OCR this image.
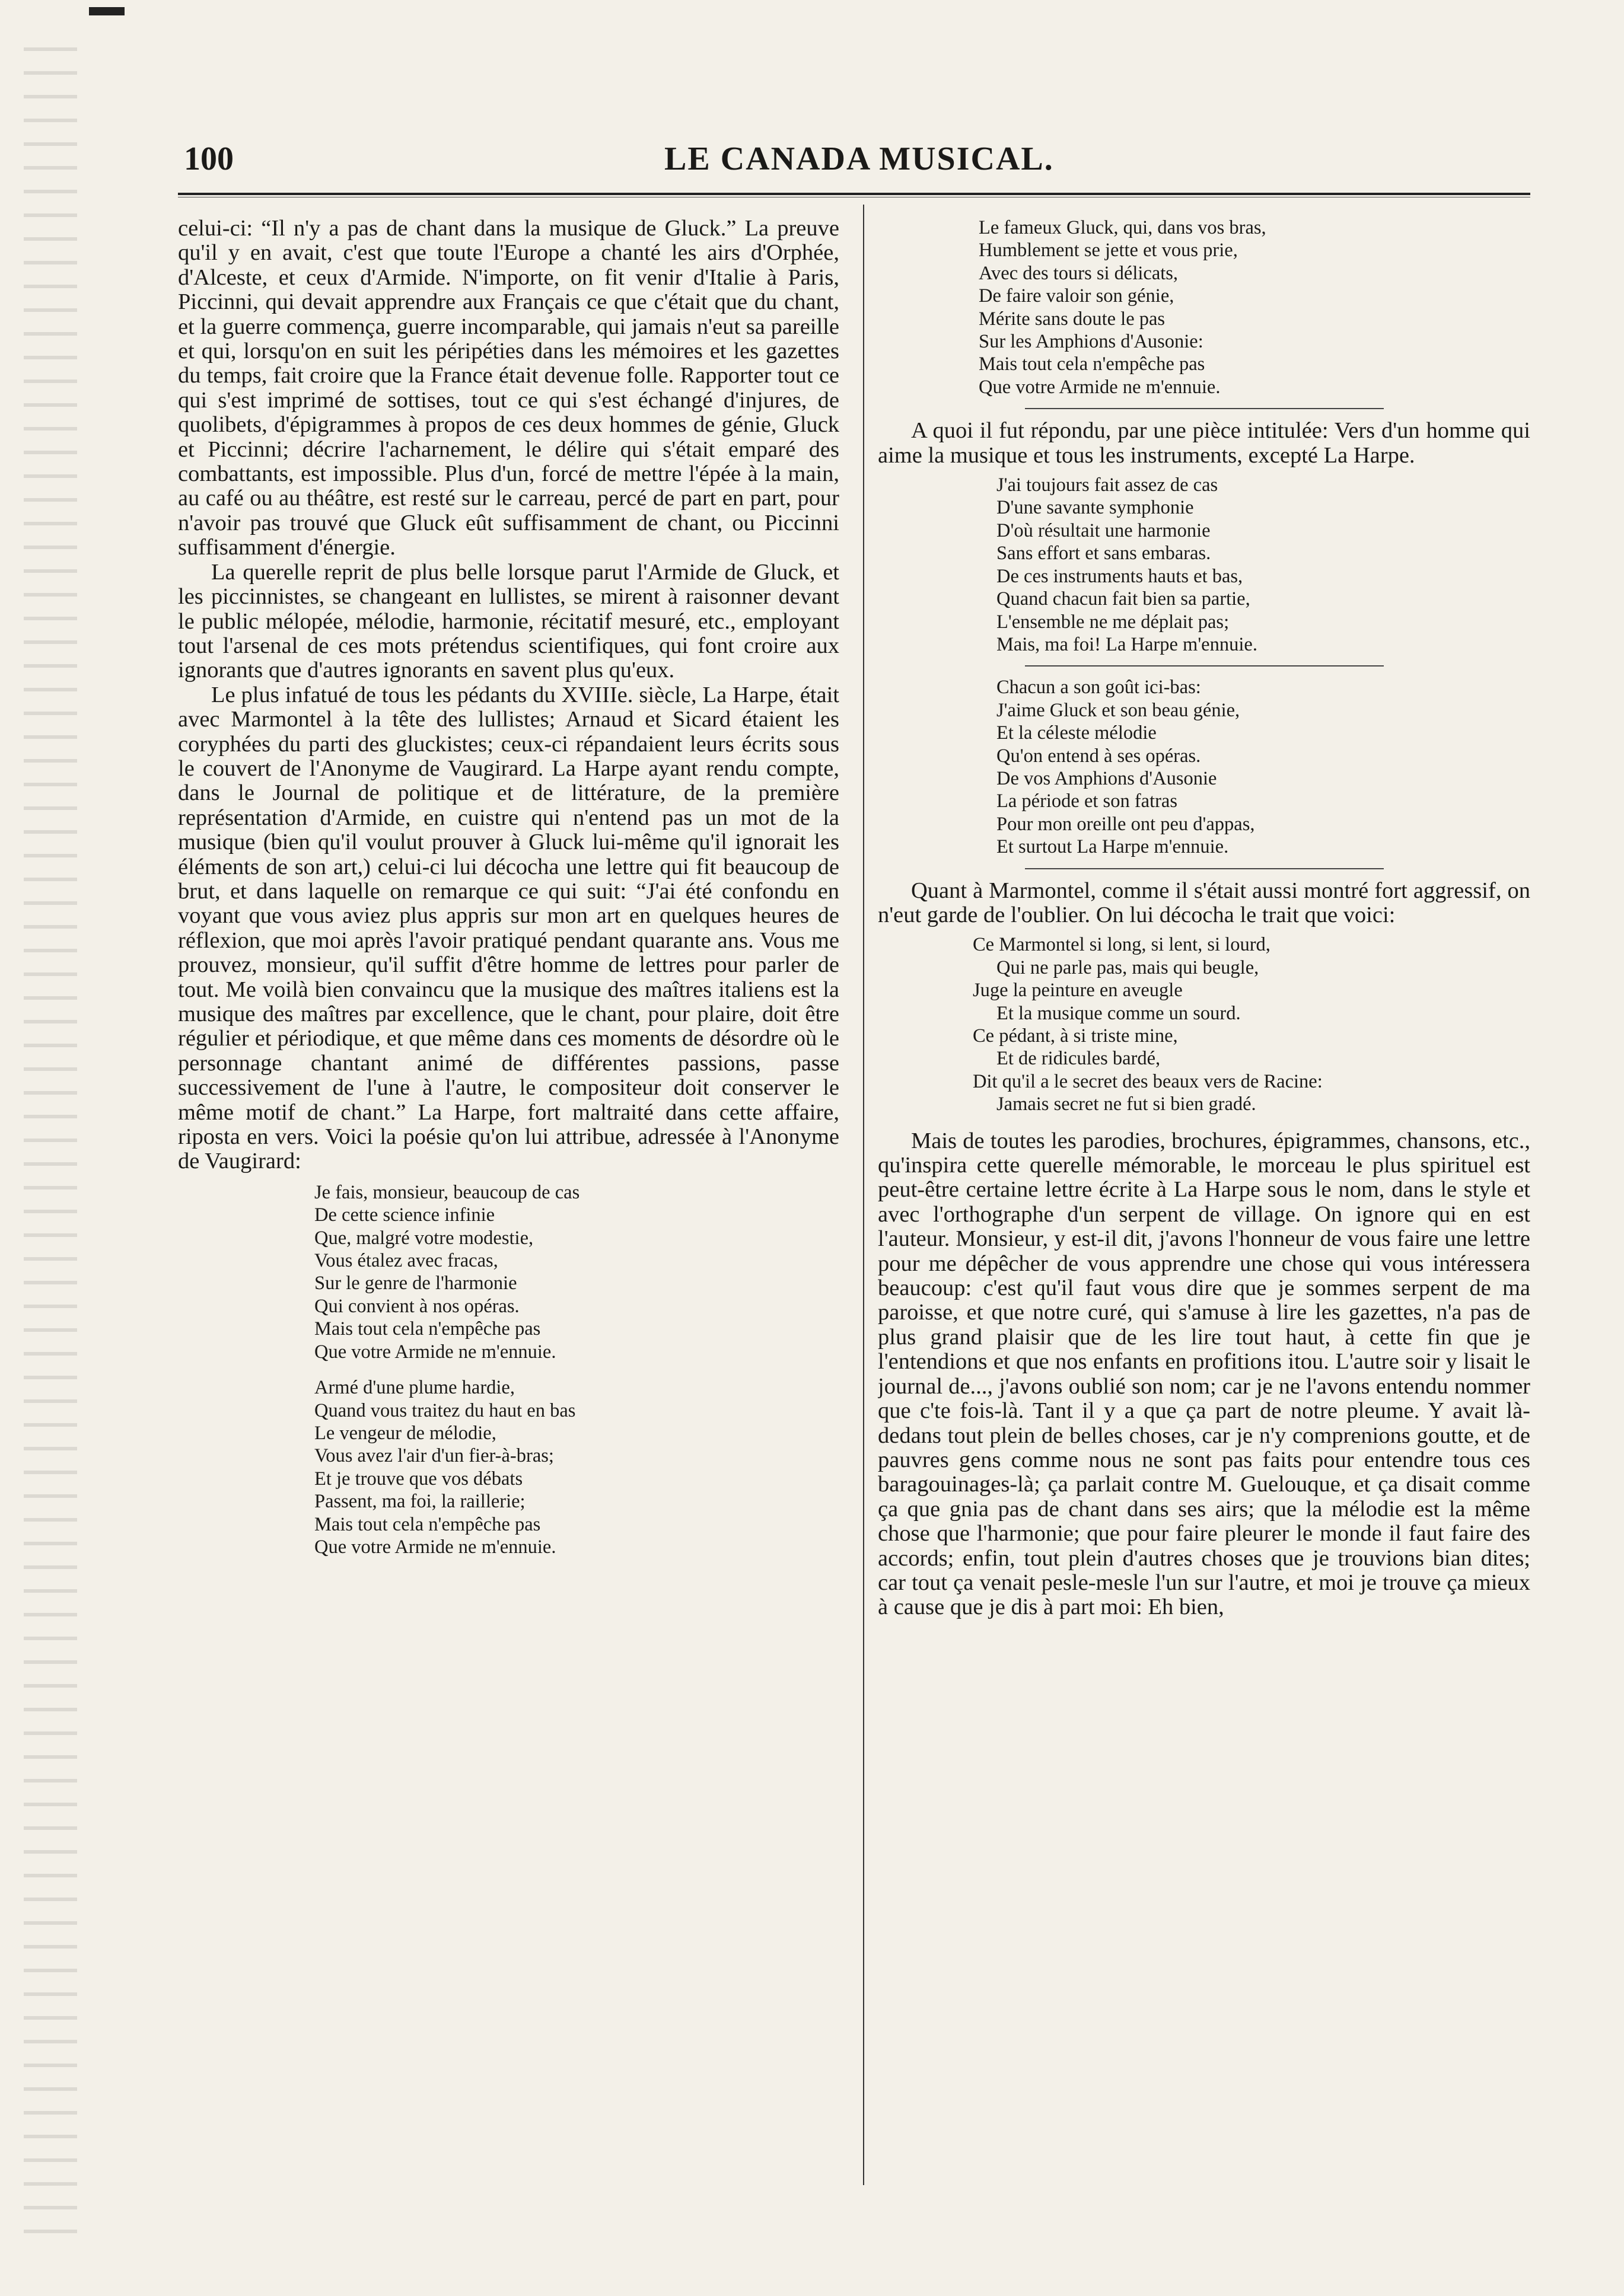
100	LE CANADA MUSICAL.

celui-ci: “Il n'y a pas de chant dans la musique de Gluck.” La preuve qu'il y en avait, c'est que toute l'Europe a chanté les airs d'Orphée, d'Alceste, et ceux d'Armide. N'importe, on fit venir d'Italie à Paris, Piccinni, qui devait apprendre aux Français ce que c'était que du chant, et la guerre commença, guerre incomparable, qui jamais n'eut sa pareille et qui, lorsqu'on en suit les péripéties dans les mémoires et les gazettes du temps, fait croire que la France était devenue folle. Rapporter tout ce qui s'est imprimé de sottises, tout ce qui s'est échangé d'injures, de quolibets, d'épigrammes à propos de ces deux hommes de génie, Gluck et Piccinni; décrire l'acharnement, le délire qui s'était emparé des combattants, est impossible. Plus d'un, forcé de mettre l'épée à la main, au café ou au théâtre, est resté sur le carreau, percé de part en part, pour n'avoir pas trouvé que Gluck eût suffisamment de chant, ou Piccinni suffisamment d'énergie.

La querelle reprit de plus belle lorsque parut l'Armide de Gluck, et les piccinnistes, se changeant en lullistes, se mirent à raisonner devant le public mélopée, mélodie, harmonie, récitatif mesuré, etc., employant tout l'arsenal de ces mots prétendus scientifiques, qui font croire aux ignorants que d'autres ignorants en savent plus qu'eux.

Le plus infatué de tous les pédants du XVIIIe. siècle, La Harpe, était avec Marmontel à la tête des lullistes; Arnaud et Sicard étaient les coryphées du parti des gluckistes; ceux-ci répandaient leurs écrits sous le couvert de l'Anonyme de Vaugirard. La Harpe ayant rendu compte, dans le Journal de politique et de littérature, de la première représentation d'Armide, en cuistre qui n'entend pas un mot de la musique (bien qu'il voulut prouver à Gluck lui-même qu'il ignorait les éléments de son art,) celui-ci lui décocha une lettre qui fit beaucoup de brut, et dans laquelle on remarque ce qui suit: “J'ai été confondu en voyant que vous aviez plus appris sur mon art en quelques heures de réflexion, que moi après l'avoir pratiqué pendant quarante ans. Vous me prouvez, monsieur, qu'il suffit d'être homme de lettres pour parler de tout. Me voilà bien convaincu que la musique des maîtres italiens est la musique des maîtres par excellence, que le chant, pour plaire, doit être régulier et périodique, et que même dans ces moments de désordre où le personnage chantant animé de différentes passions, passe successivement de l'une à l'autre, le compositeur doit conserver le même motif de chant.” La Harpe, fort maltraité dans cette affaire, riposta en vers. Voici la poésie qu'on lui attribue, adressée à l'Anonyme de Vaugirard:

Je fais, monsieur, beaucoup de cas
De cette science infinie
Que, malgré votre modestie,
Vous étalez avec fracas,
Sur le genre de l'harmonie
Qui convient à nos opéras.
Mais tout cela n'empêche pas
Que votre Armide ne m'ennuie.
Armé d'une plume hardie,
Quand vous traitez du haut en bas
Le vengeur de mélodie,
Vous avez l'air d'un fier-à-bras;
Et je trouve que vos débats
Passent, ma foi, la raillerie;
Mais tout cela n'empêche pas
Que votre Armide ne m'ennuie.
Le fameux Gluck, qui, dans vos bras,
Humblement se jette et vous prie,
Avec des tours si délicats,
De faire valoir son génie,
Mérite sans doute le pas
Sur les Amphions d'Ausonie:
Mais tout cela n'empêche pas
Que votre Armide ne m'ennuie.

A quoi il fut répondu, par une pièce intitulée: Vers d'un homme qui aime la musique et tous les instruments, excepté La Harpe.

J'ai toujours fait assez de cas
D'une savante symphonie
D'où résultait une harmonie
Sans effort et sans embaras.
De ces instruments hauts et bas,
Quand chacun fait bien sa partie,
L'ensemble ne me déplait pas;
Mais, ma foi! La Harpe m'ennuie.
Chacun a son goût ici-bas:
J'aime Gluck et son beau génie,
Et la céleste mélodie
Qu'on entend à ses opéras.
De vos Amphions d'Ausonie
La période et son fatras
Pour mon oreille ont peu d'appas,
Et surtout La Harpe m'ennuie.

Quant à Marmontel, comme il s'était aussi montré fort aggressif, on n'eut garde de l'oublier. On lui décocha le trait que voici:

Ce Marmontel si long, si lent, si lourd,
Qui ne parle pas, mais qui beugle,
Juge la peinture en aveugle
Et la musique comme un sourd.
Ce pédant, à si triste mine,
Et de ridicules bardé,
Dit qu'il a le secret des beaux vers de Racine:
Jamais secret ne fut si bien gradé.

Mais de toutes les parodies, brochures, épigrammes, chansons, etc., qu'inspira cette querelle mémorable, le morceau le plus spirituel est peut-être certaine lettre écrite à La Harpe sous le nom, dans le style et avec l'orthographe d'un serpent de village. On ignore qui en est l'auteur. Monsieur, y est-il dit, j'avons l'honneur de vous faire une lettre pour me dépêcher de vous apprendre une chose qui vous intéressera beaucoup: c'est qu'il faut vous dire que je sommes serpent de ma paroisse, et que notre curé, qui s'amuse à lire les gazettes, n'a pas de plus grand plaisir que de les lire tout haut, à cette fin que je l'entendions et que nos enfants en profitions itou. L'autre soir y lisait le journal de..., j'avons oublié son nom; car je ne l'avons entendu nommer que c'te fois-là. Tant il y a que ça part de notre pleume. Y avait là-dedans tout plein de belles choses, car je n'y comprenions goutte, et de pauvres gens comme nous ne sont pas faits pour entendre tous ces baragouinages-là; ça parlait contre M. Guelouque, et ça disait comme ça que gnia pas de chant dans ses airs; que la mélodie est la même chose que l'harmonie; que pour faire pleurer le monde il faut faire des accords; enfin, tout plein d'autres choses que je trouvions bian dites; car tout ça venait pesle-mesle l'un sur l'autre, et moi je trouve ça mieux à cause que je dis à part moi: Eh bien,
